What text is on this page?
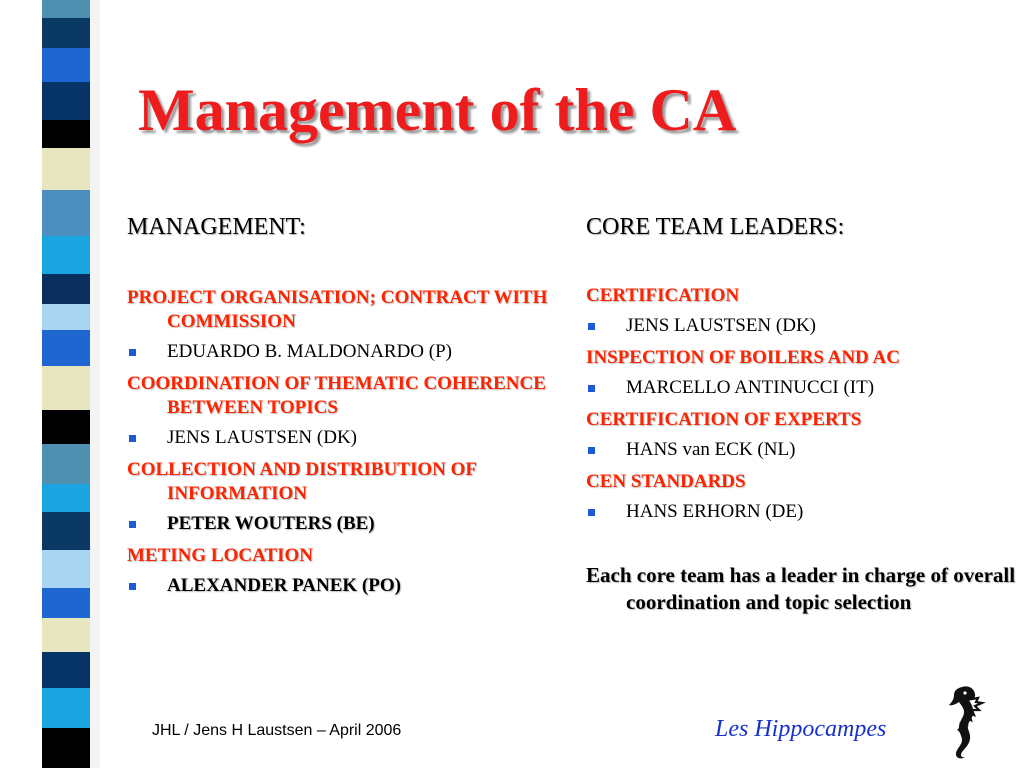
Management of the CA
MANAGEMENT:
PROJECT ORGANISATION; CONTRACT WITH COMMISSION
EDUARDO B. MALDONARDO (P)
COORDINATION OF THEMATIC COHERENCE BETWEEN TOPICS
JENS LAUSTSEN (DK)
COLLECTION AND DISTRIBUTION OF INFORMATION
PETER WOUTERS (BE)
METING LOCATION
ALEXANDER PANEK (PO)
CORE TEAM LEADERS:
CERTIFICATION
JENS LAUSTSEN (DK)
INSPECTION OF BOILERS AND AC
MARCELLO ANTINUCCI (IT)
CERTIFICATION OF EXPERTS
HANS van ECK (NL)
CEN STANDARDS
HANS ERHORN (DE)
Each core team has a leader in charge of overall coordination and topic selection
JHL / Jens H Laustsen – April 2006	Les Hippocampes
